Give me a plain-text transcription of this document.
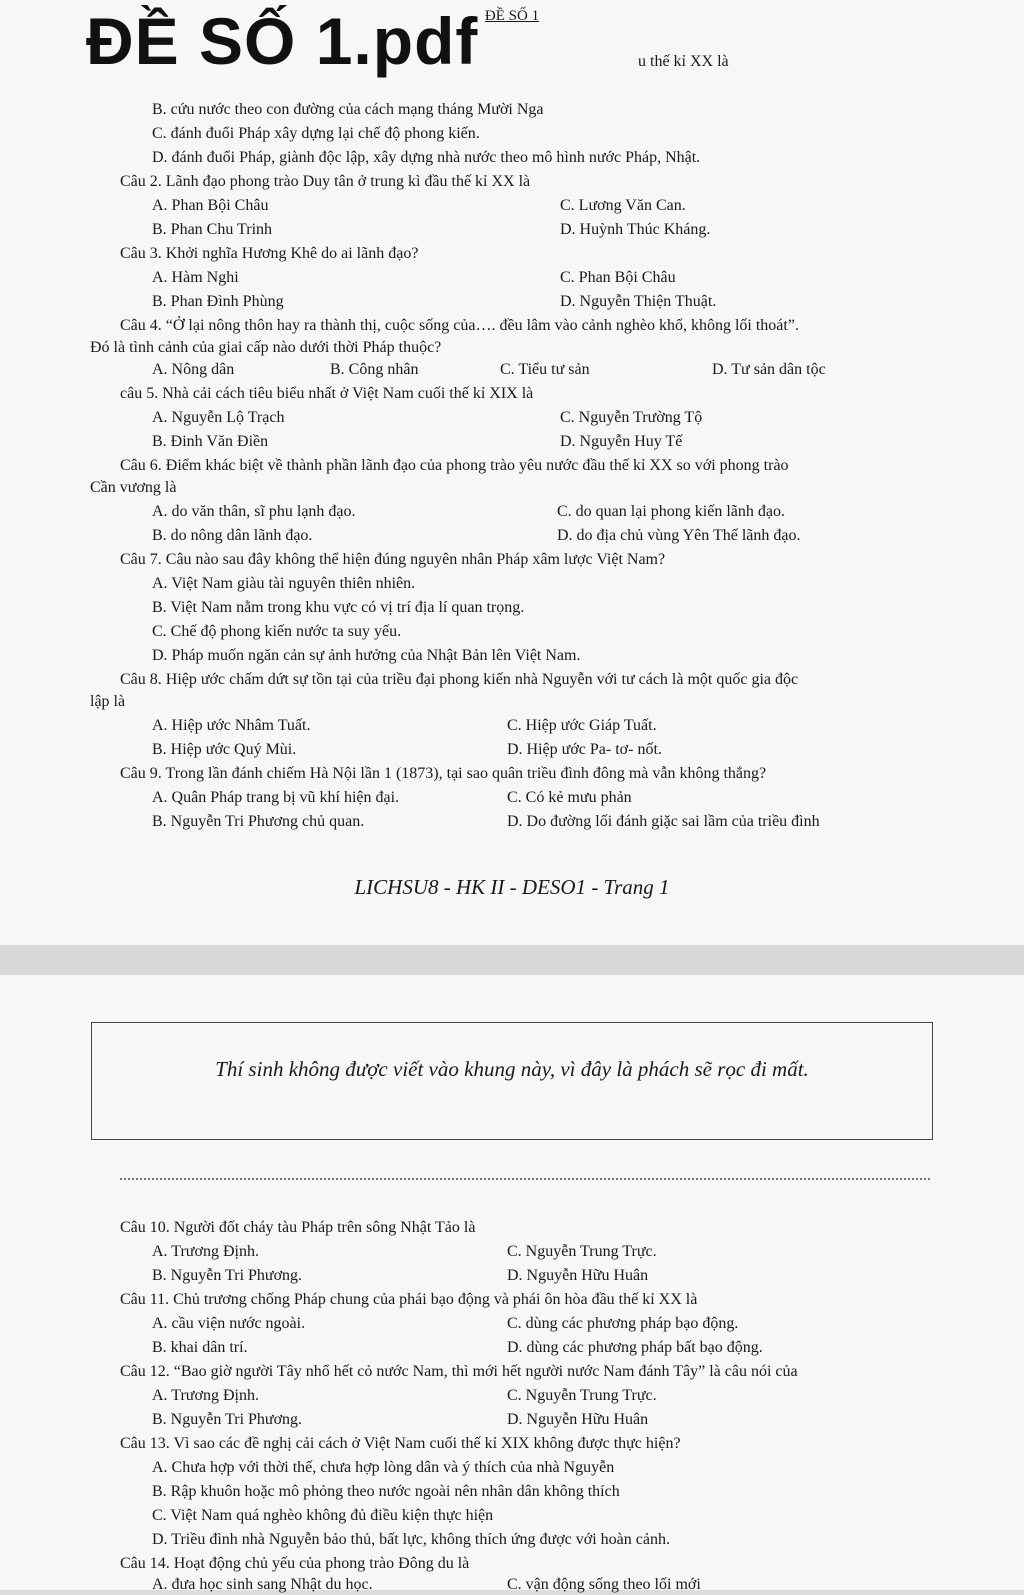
ĐỀ SỐ 1
u thế kỉ XX là
ĐỀ SỐ 1.pdf
B. cứu nước theo con đường của cách mạng tháng Mười Nga
C. đánh đuổi Pháp xây dựng lại chế độ phong kiến.
D. đánh đuổi Pháp, giành độc lập, xây dựng nhà nước theo mô hình nước Pháp, Nhật.
Câu 2. Lãnh đạo phong trào Duy tân ở trung kì đầu thế kỉ XX là
A. Phan Bội Châu	C. Lương Văn Can.
B. Phan Chu Trinh	D. Huỳnh Thúc Kháng.
Câu 3. Khởi nghĩa Hương Khê do ai lãnh đạo?
A. Hàm Nghi	C. Phan Bội Châu
B. Phan Đình Phùng	D. Nguyễn Thiện Thuật.
Câu 4. “Ở lại nông thôn hay ra thành thị, cuộc sống của…. đều lâm vào cảnh nghèo khổ, không lối thoát”.
Đó là tình cảnh của giai cấp nào dưới thời Pháp thuộc?
A. Nông dân	B. Công nhân	C. Tiểu tư sản	D. Tư sản dân tộc
câu 5. Nhà cải cách tiêu biểu nhất ở Việt Nam cuối thế kỉ XIX là
A. Nguyễn Lộ Trạch	C. Nguyễn Trường Tộ
B. Đinh Văn Điền	D. Nguyễn Huy Tế
Câu 6. Điểm khác biệt về thành phần lãnh đạo của phong trào yêu nước đầu thế kỉ XX so với phong trào
Cần vương là
A. do văn thân, sĩ phu lạnh đạo.	C. do quan lại phong kiến lãnh đạo.
B. do nông dân lãnh đạo.	D. do địa chủ vùng Yên Thế lãnh đạo.
Câu 7. Câu nào sau đây không thể hiện đúng nguyên nhân Pháp xâm lược Việt Nam?
A. Việt Nam giàu tài nguyên thiên nhiên.
B. Việt Nam nằm trong khu vực có vị trí địa lí quan trọng.
C. Chế độ phong kiến nước ta suy yếu.
D. Pháp muốn ngăn cản sự ảnh hưởng của Nhật Bản lên Việt Nam.
Câu 8. Hiệp ước chấm dứt sự tồn tại của triều đại phong kiến nhà Nguyễn với tư cách là một quốc gia độc
lập là
A. Hiệp ước Nhâm Tuất.	C. Hiệp ước Giáp Tuất.
B. Hiệp ước Quý Mùi.	D. Hiệp ước Pa- tơ- nốt.
Câu 9. Trong lần đánh chiếm Hà Nội lần 1 (1873), tại sao quân triều đình đông mà vẫn không thắng?
A. Quân Pháp trang bị vũ khí hiện đại.	C. Có kẻ mưu phản
B. Nguyễn Tri Phương chủ quan.	D. Do đường lối đánh giặc sai lầm của triều đình
LICHSU8 - HK II - DESO1 - Trang 1
Thí sinh không được viết vào khung này, vì đây là phách sẽ rọc đi mất.
Câu 10. Người đốt cháy tàu Pháp trên sông Nhật Tảo là
A. Trương Định.	C. Nguyễn Trung Trực.
B. Nguyễn Tri Phương.	D. Nguyễn Hữu Huân
Câu 11. Chủ trương chống Pháp chung của phái bạo động và phái ôn hòa đầu thế kỉ XX là
A. cầu viện nước ngoài.	C. dùng các phương pháp bạo động.
B. khai dân trí.	D. dùng các phương pháp bất bạo động.
Câu 12. “Bao giờ người Tây nhổ hết cỏ nước Nam, thì mới hết người nước Nam đánh Tây” là câu nói của
A. Trương Định.	C. Nguyễn Trung Trực.
B. Nguyễn Tri Phương.	D. Nguyễn Hữu Huân
Câu 13. Vì sao các đề nghị cải cách ở Việt Nam cuối thế kỉ XIX không được thực hiện?
A. Chưa hợp với thời thế, chưa hợp lòng dân và ý thích của nhà Nguyễn
B. Rập khuôn hoặc mô phỏng theo nước ngoài nên nhân dân không thích
C. Việt Nam quá nghèo không đủ điều kiện thực hiện
D. Triều đình nhà Nguyễn bảo thủ, bất lực, không thích ứng được với hoàn cảnh.
Câu 14. Hoạt động chủ yếu của phong trào Đông du là
A. đưa học sinh sang Nhật du học.	C. vận động sống theo lối mới
